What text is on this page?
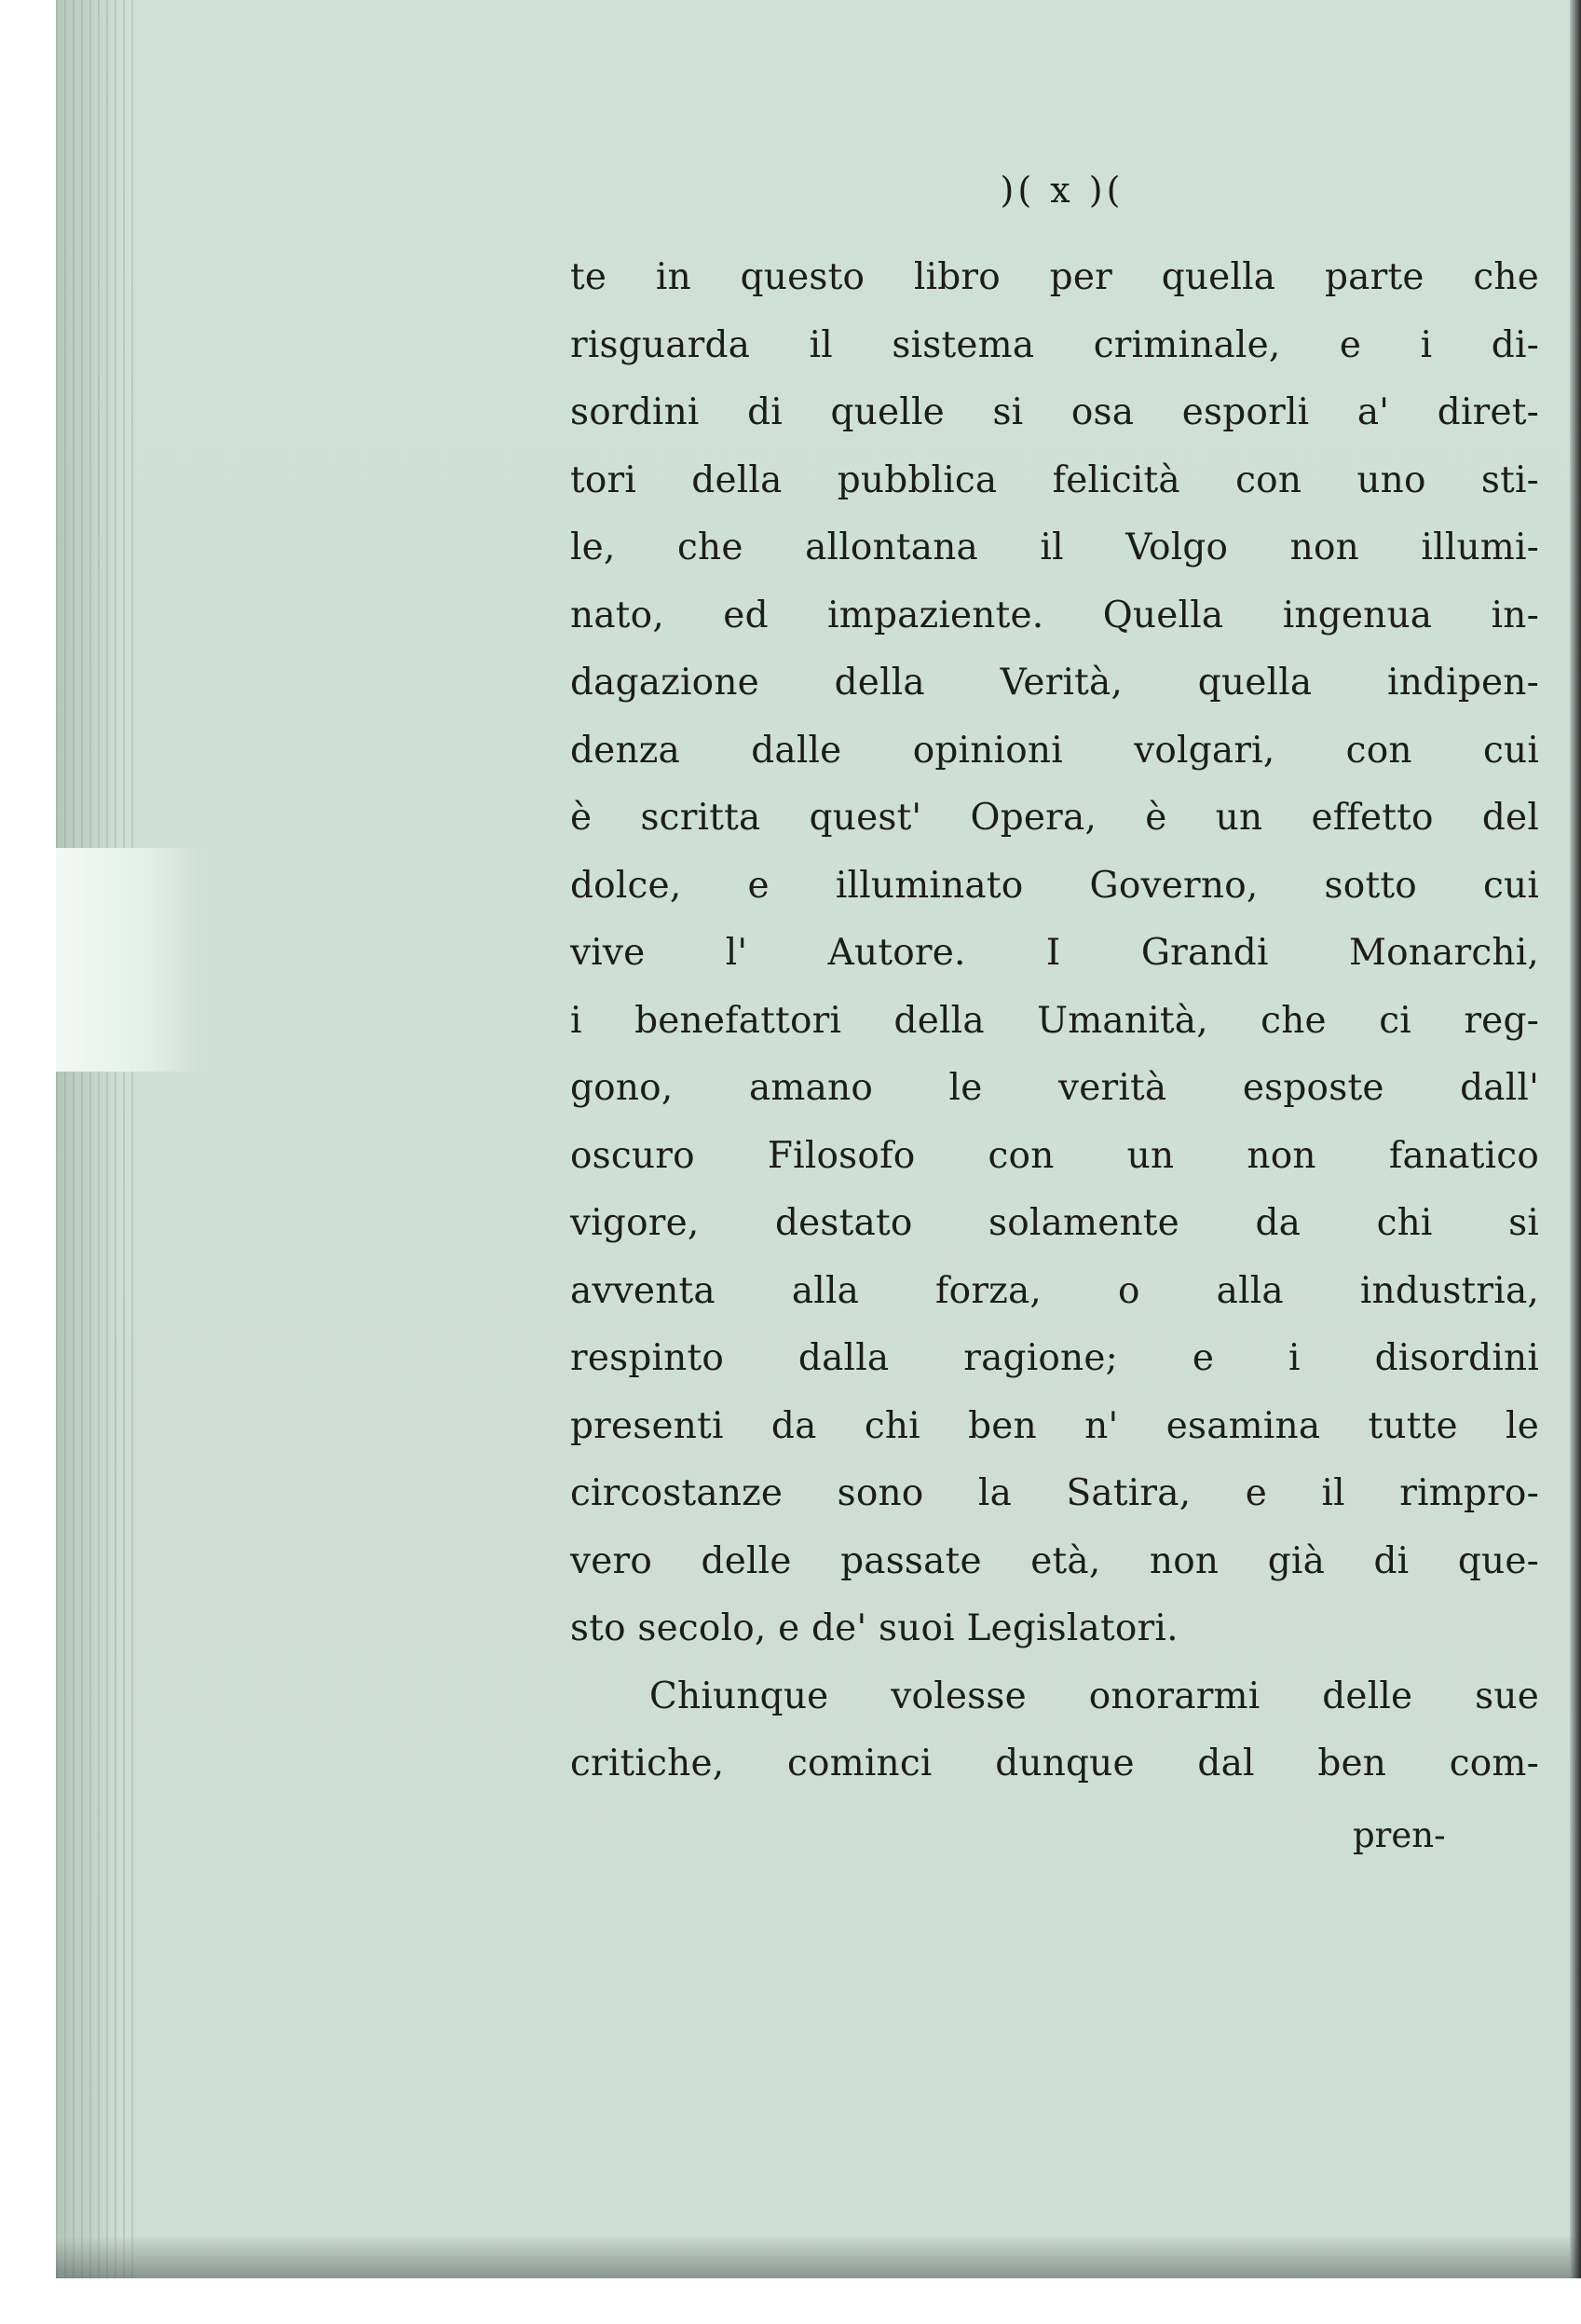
)( x )(
te in questo libro per quella parte che
risguarda il sistema criminale, e i di-
sordini di quelle si osa esporli a' diret-
tori della pubblica felicità con uno sti-
le, che allontana il Volgo non illumi-
nato, ed impaziente. Quella ingenua in-
dagazione della Verità, quella indipen-
denza dalle opinioni volgari, con cui
è scritta quest' Opera, è un effetto del
dolce, e illuminato Governo, sotto cui
vive l' Autore. I Grandi Monarchi,
i benefattori della Umanità, che ci reg-
gono, amano le verità esposte dall'
oscuro Filosofo con un non fanatico
vigore, destato solamente da chi si
avventa alla forza, o alla industria,
respinto dalla ragione; e i disordini
presenti da chi ben n' esamina tutte le
circostanze sono la Satira, e il rimpro-
vero delle passate età, non già di que-
sto secolo, e de' suoi Legislatori.
Chiunque volesse onorarmi delle sue
critiche, cominci dunque dal ben com-
pren-
